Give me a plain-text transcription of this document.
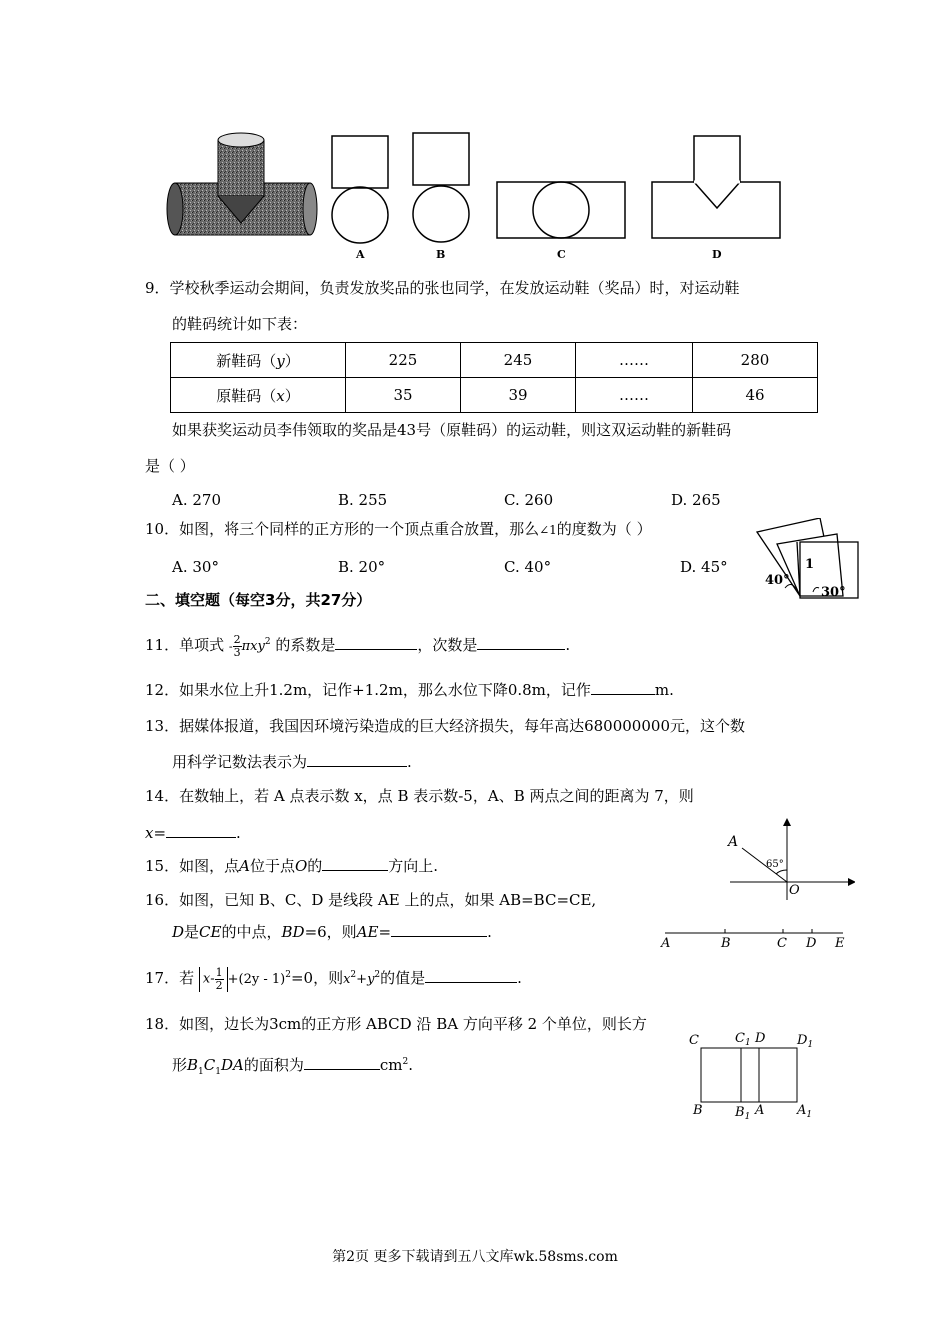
A	B	C	D
9．学校秋季运动会期间，负责发放奖品的张也同学，在发放运动鞋（奖品）时，对运动鞋
的鞋码统计如下表：
新鞋码（y）	225	245	……	280
原鞋码（x）	35	39	……	46
如果获奖运动员李伟领取的奖品是43号（原鞋码）的运动鞋，则这双运动鞋的新鞋码
是（ ）
A. 270	B. 255	C. 260	D. 265
10．如图，将三个同样的正方形的一个顶点重合放置，那么∠1的度数为（ ）
A. 30°	B. 20°	C. 40°	D. 45°
40°
30°
1
二、填空题（每空3分，共27分）
11．单项式 - $\frac{2}{3} \pi xy^2$ 的系数是	，次数是	.
12．如果水位上升1.2m，记作+1.2m，那么水位下降0.8m，记作	m.
13．据媒体报道，我国因环境污染造成的巨大经济损失，每年高达680000000元，这个数
用科学记数法表示为	.
14．在数轴上，若 A 点表示数 x，点 B 表示数-5，A、B 两点之间的距离为 7，则
x=	.
15．如图，点A位于点O的	方向上.
A
O
65°
16．如图，已知 B、C、D 是线段 AE 上的点，如果 AB=BC=CE,
D是CE的中点，BD=6，则AE=	.
A	B	C D E
17．若 $x- \frac{1}{2} +(2y - 1)^2=0$，则$x^2+y^2$的值是	.
18．如图，边长为3cm的正方形 ABCD 沿 BA 方向平移 2 个单位，则长方
形$B_1C_1DA$的面积为	$cm^2$.
C	$C_1$ D $D_1$
B $B_1$ A	$A_1$
第2页 更多下载请到五八文库wk.58sms.com
